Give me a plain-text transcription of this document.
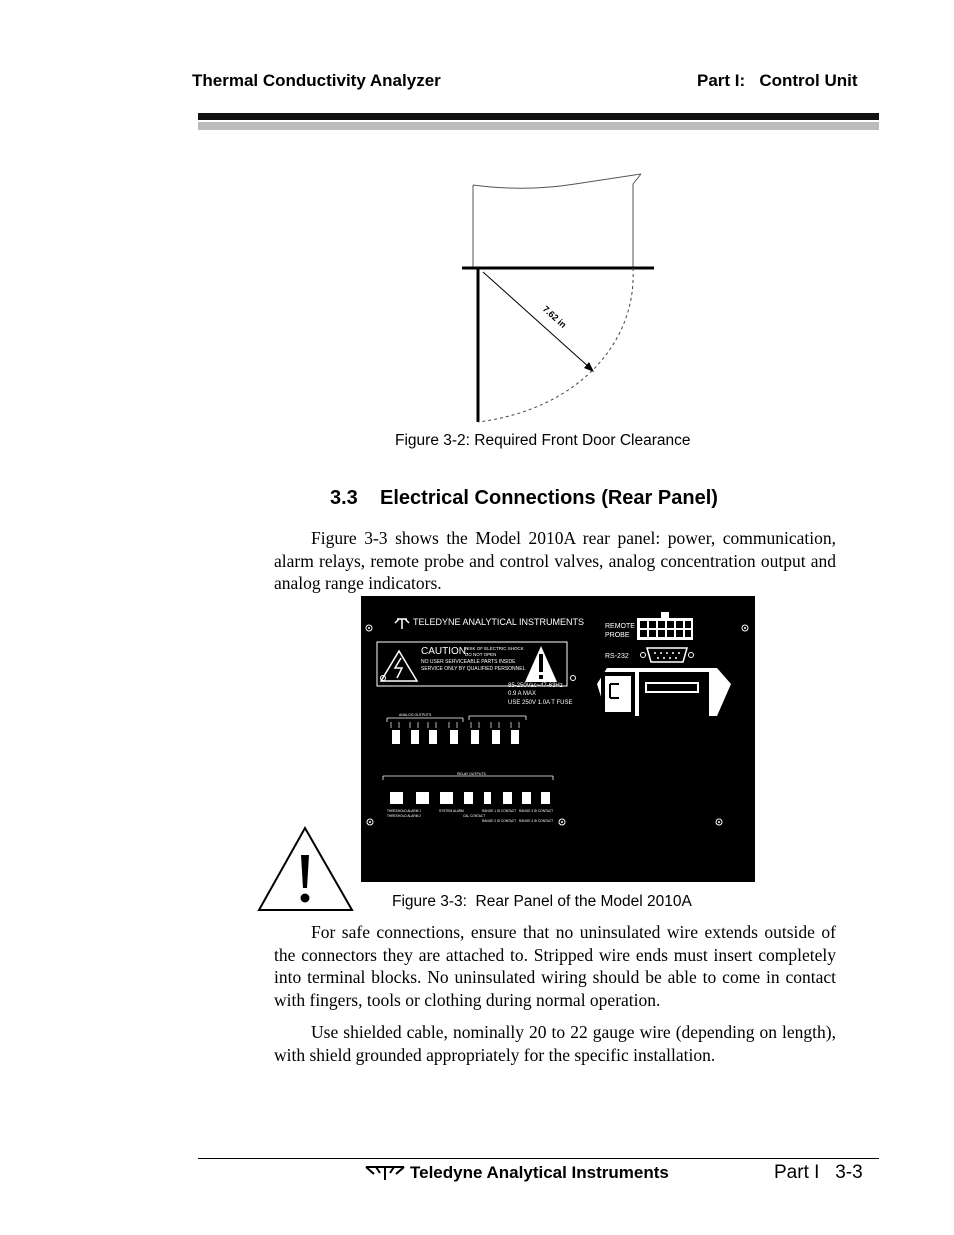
Thermal Conductivity Analyzer	Part I:   Control Unit
7.62 in
Figure 3-2: Required Front Door Clearance
3.3    Electrical Connections (Rear Panel)
Figure 3-3 shows the Model 2010A rear panel: power, communication, alarm relays, remote probe and control valves, analog concentration output and analog range indicators.
TELEDYNE ANALYTICAL INSTRUMENTS	REMOTE
PROBE
RS-232
CAUTION:
RISK OF ELECTRIC SHOCK
DO NOT OPEN
NO USER SERVICEABLE PARTS INSIDE
SERVICE ONLY BY QUALIFIED PERSONNEL
85-250Vac~47-63Hz
0.9 A MAX
USE 250V 1.0A T FUSE
ANALOG OUTPUTS
RELAY OUTPUTS
THRESHOLD ALARM 1
THRESHOLD ALARM 2
SYSTEM ALARM
CAL CONTACT
RANGE 1 ID CONTACT
RANGE 2 ID CONTACT
RANGE 3 ID CONTACT
RANGE 4 ID CONTACT
Figure 3-3:  Rear Panel of the Model 2010A
For safe connections, ensure that no uninsulated wire extends outside of the connectors they are attached to. Stripped wire ends must insert completely into terminal blocks. No uninsulated wiring should be able to come in contact with fingers, tools or clothing during normal operation.
Use shielded cable, nominally 20 to 22 gauge wire (depending on length), with shield grounded appropriately for the specific installation.
Teledyne Analytical Instruments	Part I   3-3
